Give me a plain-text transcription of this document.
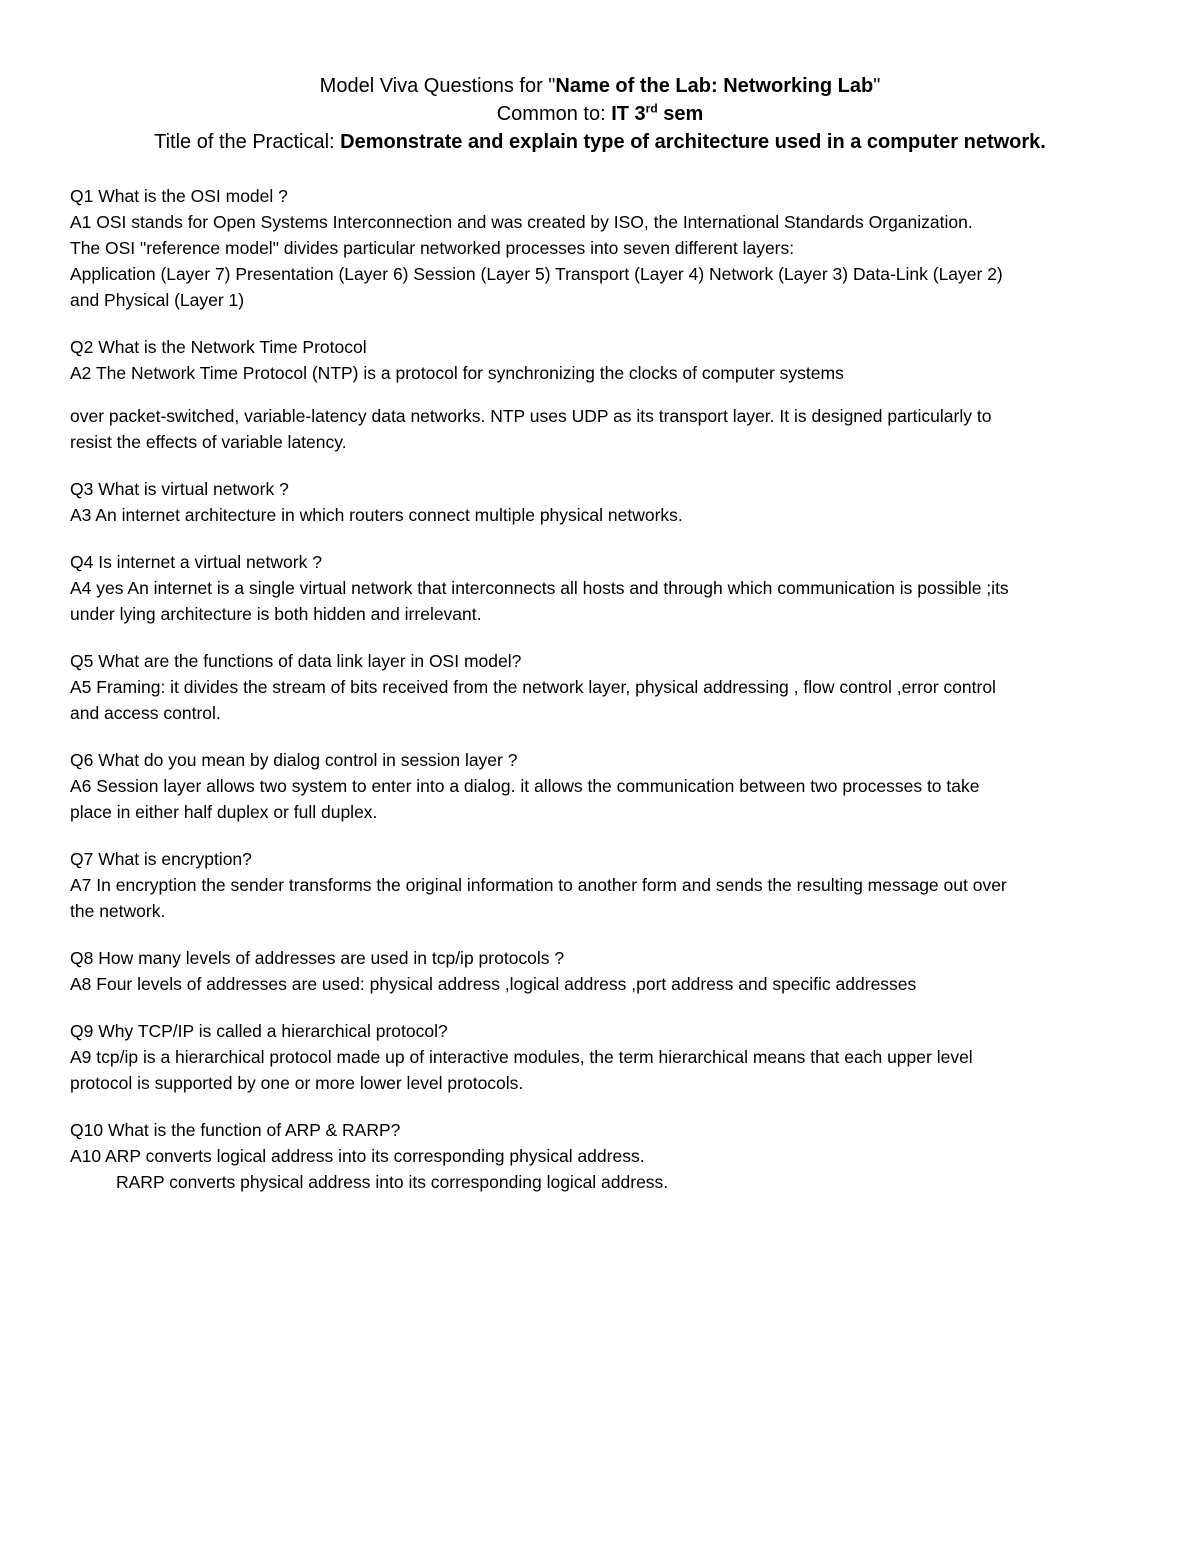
Model Viva Questions for "Name of the Lab: Networking Lab"
Common to: IT 3rd sem
Title of the Practical: Demonstrate and explain type of architecture used in a computer network.
Q1 What is the OSI model ?
A1 OSI stands for Open Systems Interconnection and was created by ISO, the International Standards Organization.
The OSI "reference model" divides particular networked processes into seven different layers:
Application (Layer 7) Presentation (Layer 6) Session (Layer 5) Transport (Layer 4) Network (Layer 3) Data-Link (Layer 2)
and Physical (Layer 1)
Q2 What is the Network Time Protocol
A2 The Network Time Protocol (NTP) is a protocol for synchronizing the clocks of computer systems
over packet-switched, variable-latency data networks. NTP uses UDP as its transport layer. It is designed particularly to
resist the effects of variable latency.
Q3 What is virtual network ?
A3 An internet architecture in which routers connect multiple physical networks.
Q4 Is internet a virtual network ?
A4 yes An internet is a single virtual network that interconnects all hosts and through which communication is possible ;its
under lying architecture is both hidden and irrelevant.
Q5 What are the functions of data link layer in OSI model?
A5 Framing: it divides the stream of bits received from the network layer, physical addressing , flow control ,error control
and access control.
Q6 What do you mean by dialog control in session layer ?
A6 Session layer allows two system to enter into a dialog. it allows the communication between two processes to take
place in either half duplex or full duplex.
Q7 What is encryption?
A7 In encryption the sender transforms the original information to another form and sends the resulting message out over
the network.
Q8 How many levels of addresses are used in tcp/ip protocols ?
A8 Four levels of addresses are used: physical address ,logical address ,port address and specific addresses
Q9 Why TCP/IP is called a hierarchical protocol?
A9 tcp/ip is a hierarchical protocol made up of interactive modules, the term hierarchical means that each upper level
protocol is supported by one or more lower level protocols.
Q10 What is the function of ARP & RARP?
A10 ARP converts logical address into its corresponding physical address.
RARP converts physical address into its corresponding logical address.
